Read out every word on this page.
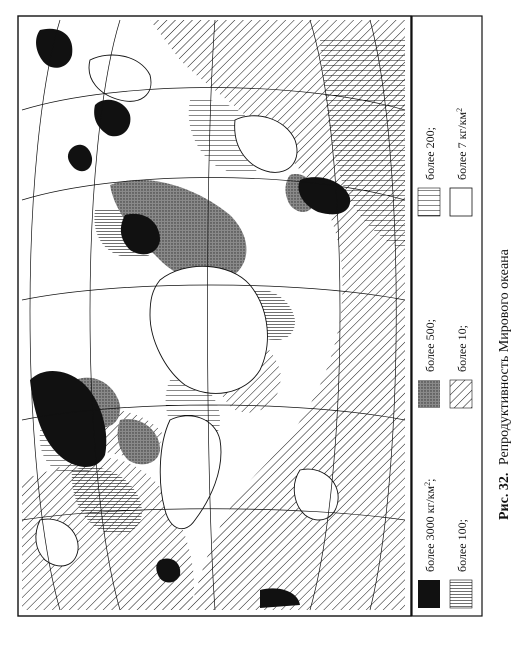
более 3000 $кг/км^2$;
более 500;
более 200;
более 100;
более 10;
более 7 $кг/км^2$
Рис. 32. Репродуктивность Мирового океана
